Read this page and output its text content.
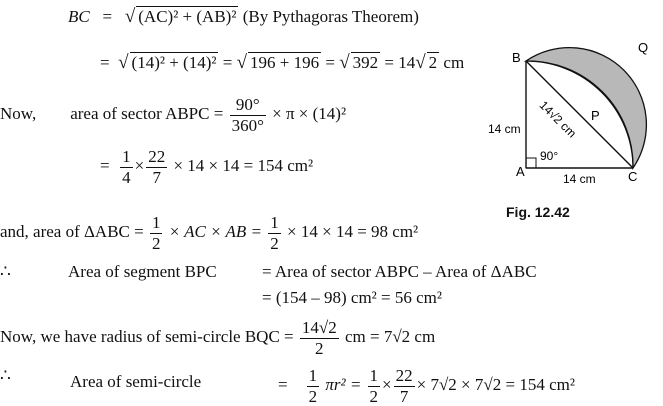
BC = √ (AC)² + (AB)² (By Pythagoras Theorem)
=  √ (14)² + (14)² = √ 196 + 196 = √ 392 = 14√ 2 cm
Now, area of sector ABPC = $\frac{90^\circ}{360^\circ} \times \pi \times (14)^2$
= $\frac{1}{4} \times \frac{22}{7} \times 14 \times 14 = 154$ cm²
and, area of $\Delta ABC = \frac{1}{2}$ × AC × AB = $\frac{1}{2} \times 14 \times 14 = 98$ cm²
∴	Area of segment BPC	= Area of sector ABPC – Area of ΔABC
= (154 – 98) cm² = 56 cm²
Now, we have radius of semi-circle BQC = $\frac{14√2}{2}$ cm = 7√2 cm
∴	Area of semi-circle	= $\frac{1}{2} \pi r^2 = \frac{1}{2} \times \frac{22}{7} \times 7√2 \times 7√2 = 154$ cm²
B
Q
P
A	C
14 cm
14 cm
14√2 cm
90°
Fig. 12.42
